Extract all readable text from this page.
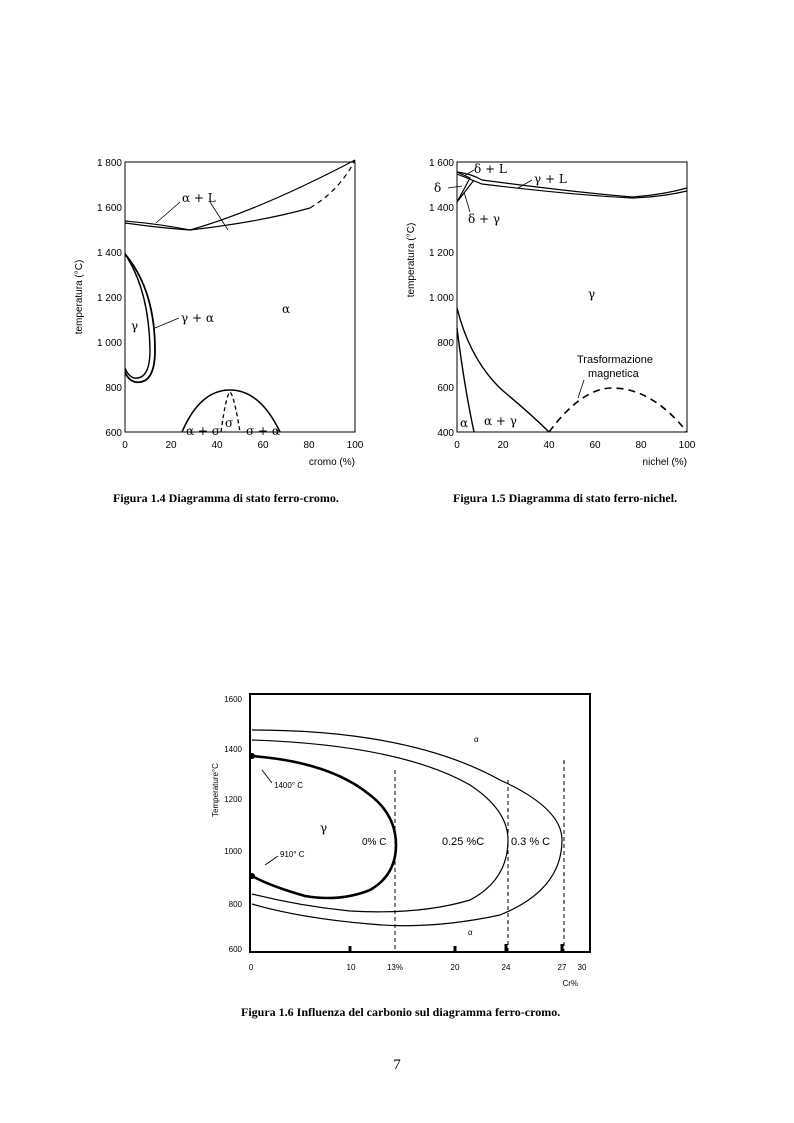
temperatura (°C)
600
800
1 000
1 200
1 400
1 600
1 800
0	20	40	60	80	100
cromo (%)
α + L
α
γ
γ + α
σ
α + σ σ + α
Figura 1.4 Diagramma di stato ferro-cromo.
temperatura (°C)
400
600
800
1 000
1 200
1 400
1 600
0	20	40	60	80	100
nichel (%)
δ + L
δ
γ + L
δ + γ
γ
α + γ
α
Trasformazione
magnetica
Figura 1.5 Diagramma di stato ferro-nichel.
Temperature°C
600
800
1000
1200
1400
1600
0	10	13%	20	24	27 30
Cr%
1400° C
910° C
γ
α
α
0% C	0.25 %C 0.3 % C
Figura 1.6 Influenza del carbonio sul diagramma ferro-cromo.
7
